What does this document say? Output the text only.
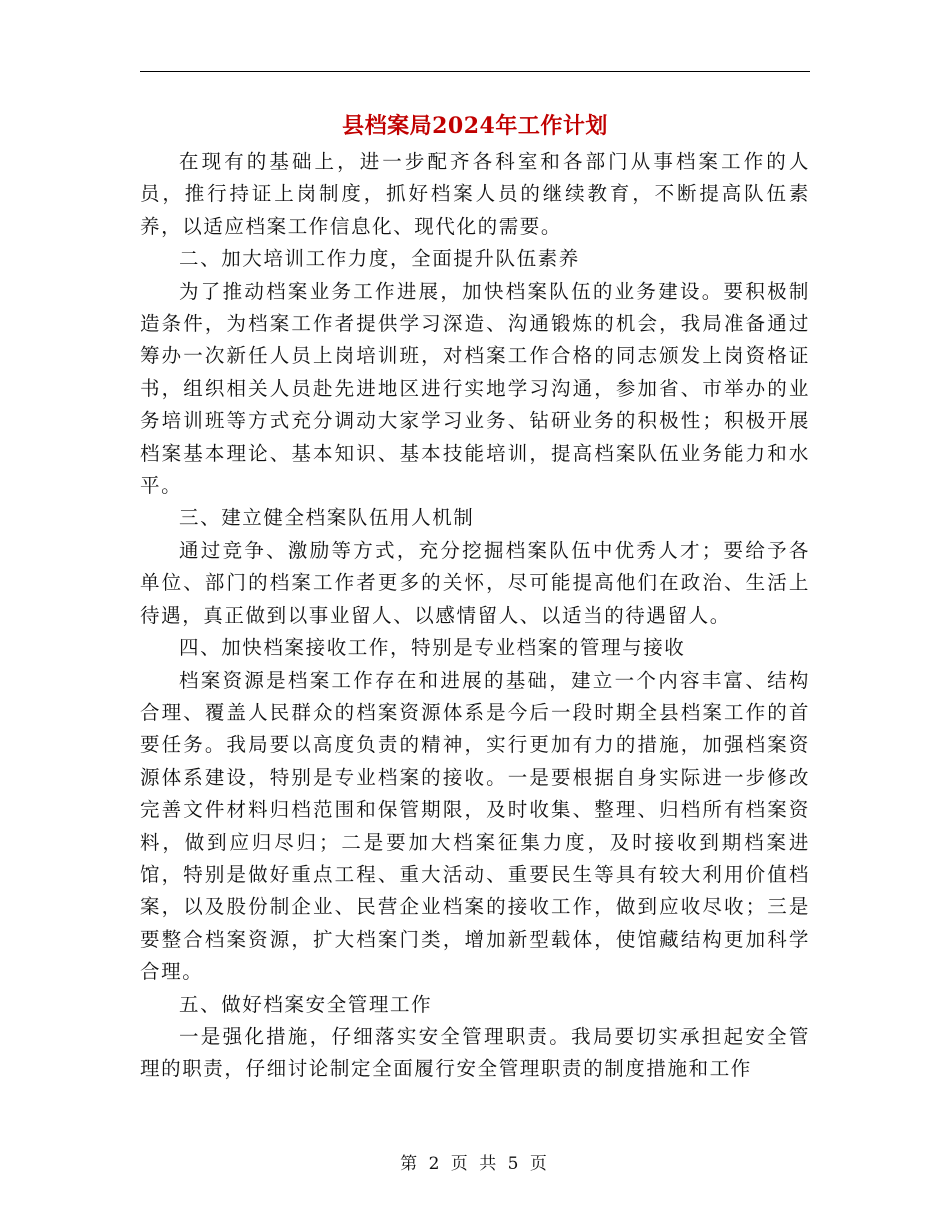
县档案局2024年工作计划

在现有的基础上，进一步配齐各科室和各部门从事档案工作的人员，推行持证上岗制度，抓好档案人员的继续教育，不断提高队伍素养，以适应档案工作信息化、现代化的需要。

二、加大培训工作力度，全面提升队伍素养

为了推动档案业务工作进展，加快档案队伍的业务建设。要积极制造条件，为档案工作者提供学习深造、沟通锻炼的机会，我局准备通过筹办一次新任人员上岗培训班，对档案工作合格的同志颁发上岗资格证书，组织相关人员赴先进地区进行实地学习沟通，参加省、市举办的业务培训班等方式充分调动大家学习业务、钻研业务的积极性；积极开展档案基本理论、基本知识、基本技能培训，提高档案队伍业务能力和水平。

三、建立健全档案队伍用人机制

通过竞争、激励等方式，充分挖掘档案队伍中优秀人才；要给予各单位、部门的档案工作者更多的关怀，尽可能提高他们在政治、生活上待遇，真正做到以事业留人、以感情留人、以适当的待遇留人。

四、加快档案接收工作，特别是专业档案的管理与接收

档案资源是档案工作存在和进展的基础，建立一个内容丰富、结构合理、覆盖人民群众的档案资源体系是今后一段时期全县档案工作的首要任务。我局要以高度负责的精神，实行更加有力的措施，加强档案资源体系建设，特别是专业档案的接收。一是要根据自身实际进一步修改完善文件材料归档范围和保管期限，及时收集、整理、归档所有档案资料，做到应归尽归；二是要加大档案征集力度，及时接收到期档案进馆，特别是做好重点工程、重大活动、重要民生等具有较大利用价值档案，以及股份制企业、民营企业档案的接收工作，做到应收尽收；三是要整合档案资源，扩大档案门类，增加新型载体，使馆藏结构更加科学合理。

五、做好档案安全管理工作

一是强化措施，仔细落实安全管理职责。我局要切实承担起安全管理的职责，仔细讨论制定全面履行安全管理职责的制度措施和工作

第 2 页 共 5 页
